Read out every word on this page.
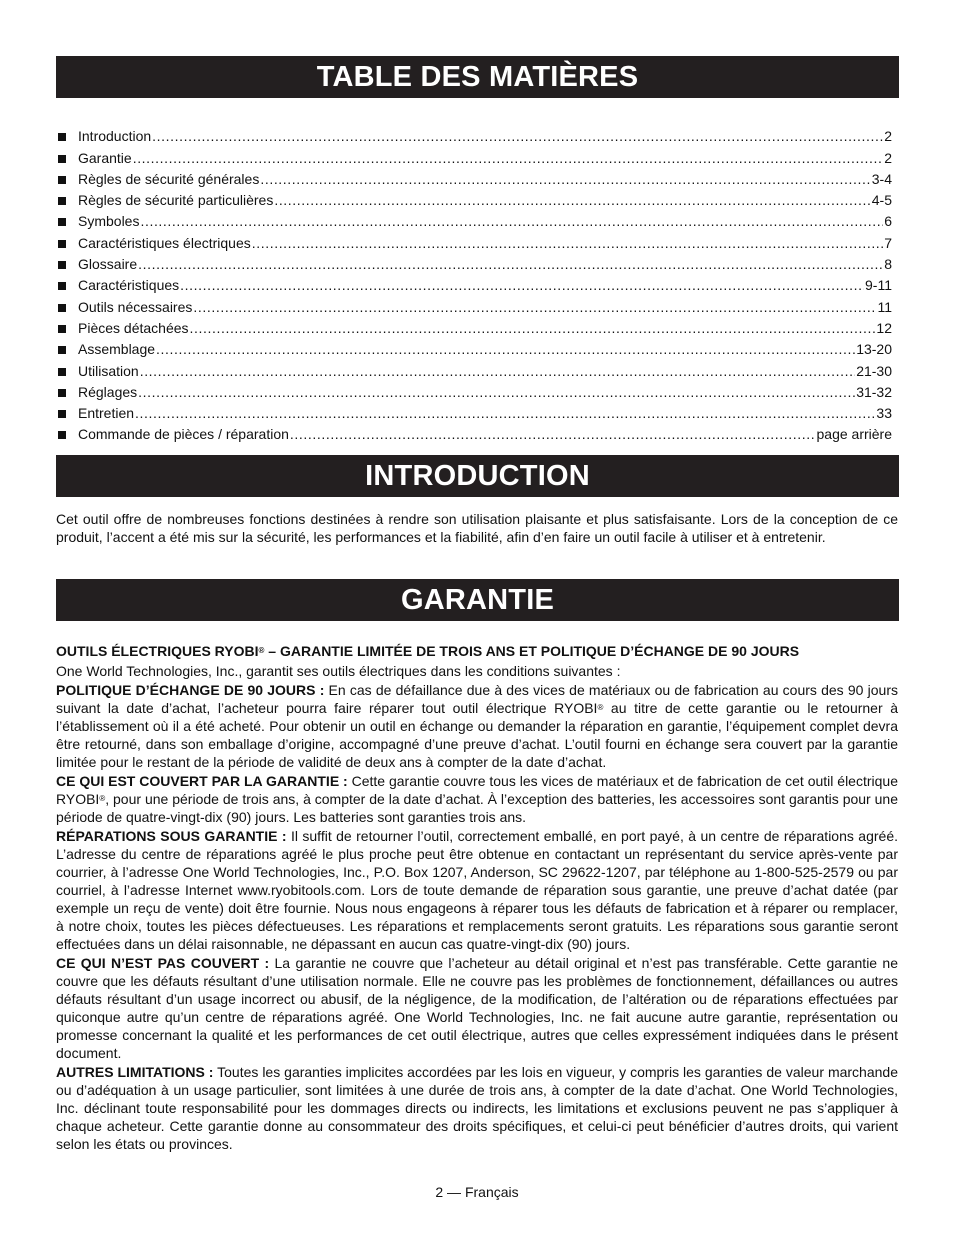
TABLE DES MATIÈRES
Introduction .....	2
Garantie .....	2
Règles de sécurité générales .....	3-4
Règles de sécurité particulières .....	4-5
Symboles .....	6
Caractéristiques électriques .....	7
Glossaire .....	8
Caractéristiques .....	9-11
Outils nécessaires .....	11
Pièces détachées .....	12
Assemblage .....	13-20
Utilisation .....	21-30
Réglages .....	31-32
Entretien .....	33
Commande de pièces / réparation .....	page arrière
INTRODUCTION
Cet outil offre de nombreuses fonctions destinées à rendre son utilisation plaisante et plus satisfaisante. Lors de la conception de ce produit, l’accent a été mis sur la sécurité, les performances et la fiabilité, afin d’en faire un outil facile à utiliser et à entretenir.
GARANTIE

OUTILS ÉLECTRIQUES RYOBI® – GARANTIE LIMITÉE DE TROIS ANS ET POLITIQUE D’ÉCHANGE DE 90 JOURS

One World Technologies, Inc., garantit ses outils électriques dans les conditions suivantes :

POLITIQUE D’ÉCHANGE DE 90 JOURS : En cas de défaillance due à des vices de matériaux ou de fabrication au cours des 90 jours suivant la date d’achat, l’acheteur pourra faire réparer tout outil électrique RYOBI® au titre de cette garantie ou le retourner à l’établissement où il a été acheté. Pour obtenir un outil en échange ou demander la réparation en garantie, l’équipement complet devra être retourné, dans son emballage d’origine, accompagné d’une preuve d’achat. L’outil fourni en échange sera couvert par la garantie limitée pour le restant de la période de validité de deux ans à compter de la date d’achat.

CE QUI EST COUVERT PAR LA GARANTIE : Cette garantie couvre tous les vices de matériaux et de fabrication de cet outil électrique RYOBI®, pour une période de trois ans, à compter de la date d’achat. À l’exception des batteries, les accessoires sont garantis pour une période de quatre-vingt-dix (90) jours. Les batteries sont garanties trois ans.

RÉPARATIONS SOUS GARANTIE : Il suffit de retourner l’outil, correctement emballé, en port payé, à un centre de réparations agréé. L’adresse du centre de réparations agréé le plus proche peut être obtenue en contactant un représentant du service après-vente par courrier, à l’adresse One World Technologies, Inc., P.O. Box 1207, Anderson, SC 29622-1207, par téléphone au 1-800-525-2579 ou par courriel, à l’adresse Internet www.ryobitools.com. Lors de toute demande de réparation sous garantie, une preuve d’achat datée (par exemple un reçu de vente) doit être fournie. Nous nous engageons à réparer tous les défauts de fabrication et à réparer ou remplacer, à notre choix, toutes les pièces défectueuses. Les réparations et remplacements seront gratuits. Les réparations sous garantie seront effectuées dans un délai raisonnable, ne dépassant en aucun cas quatre-vingt-dix (90) jours.

CE QUI N’EST PAS COUVERT : La garantie ne couvre que l’acheteur au détail original et n’est pas transférable. Cette garantie ne couvre que les défauts résultant d’une utilisation normale. Elle ne couvre pas les problèmes de fonctionnement, défaillances ou autres défauts résultant d’un usage incorrect ou abusif, de la négligence, de la modification, de l’altération ou de réparations effectuées par quiconque autre qu’un centre de réparations agréé. One World Technologies, Inc. ne fait aucune autre garantie, représentation ou promesse concernant la qualité et les performances de cet outil électrique, autres que celles expressément indiquées dans le présent document.

AUTRES LIMITATIONS : Toutes les garanties implicites accordées par les lois en vigueur, y compris les garanties de valeur marchande ou d’adéquation à un usage particulier, sont limitées à une durée de trois ans, à compter de la date d’achat. One World Technologies, Inc. déclinant toute responsabilité pour les dommages directs ou indirects, les limitations et exclusions peuvent ne pas s’appliquer à chaque acheteur. Cette garantie donne au consommateur des droits spécifiques, et celui-ci peut bénéficier d’autres droits, qui varient selon les états ou provinces.

2 — Français
